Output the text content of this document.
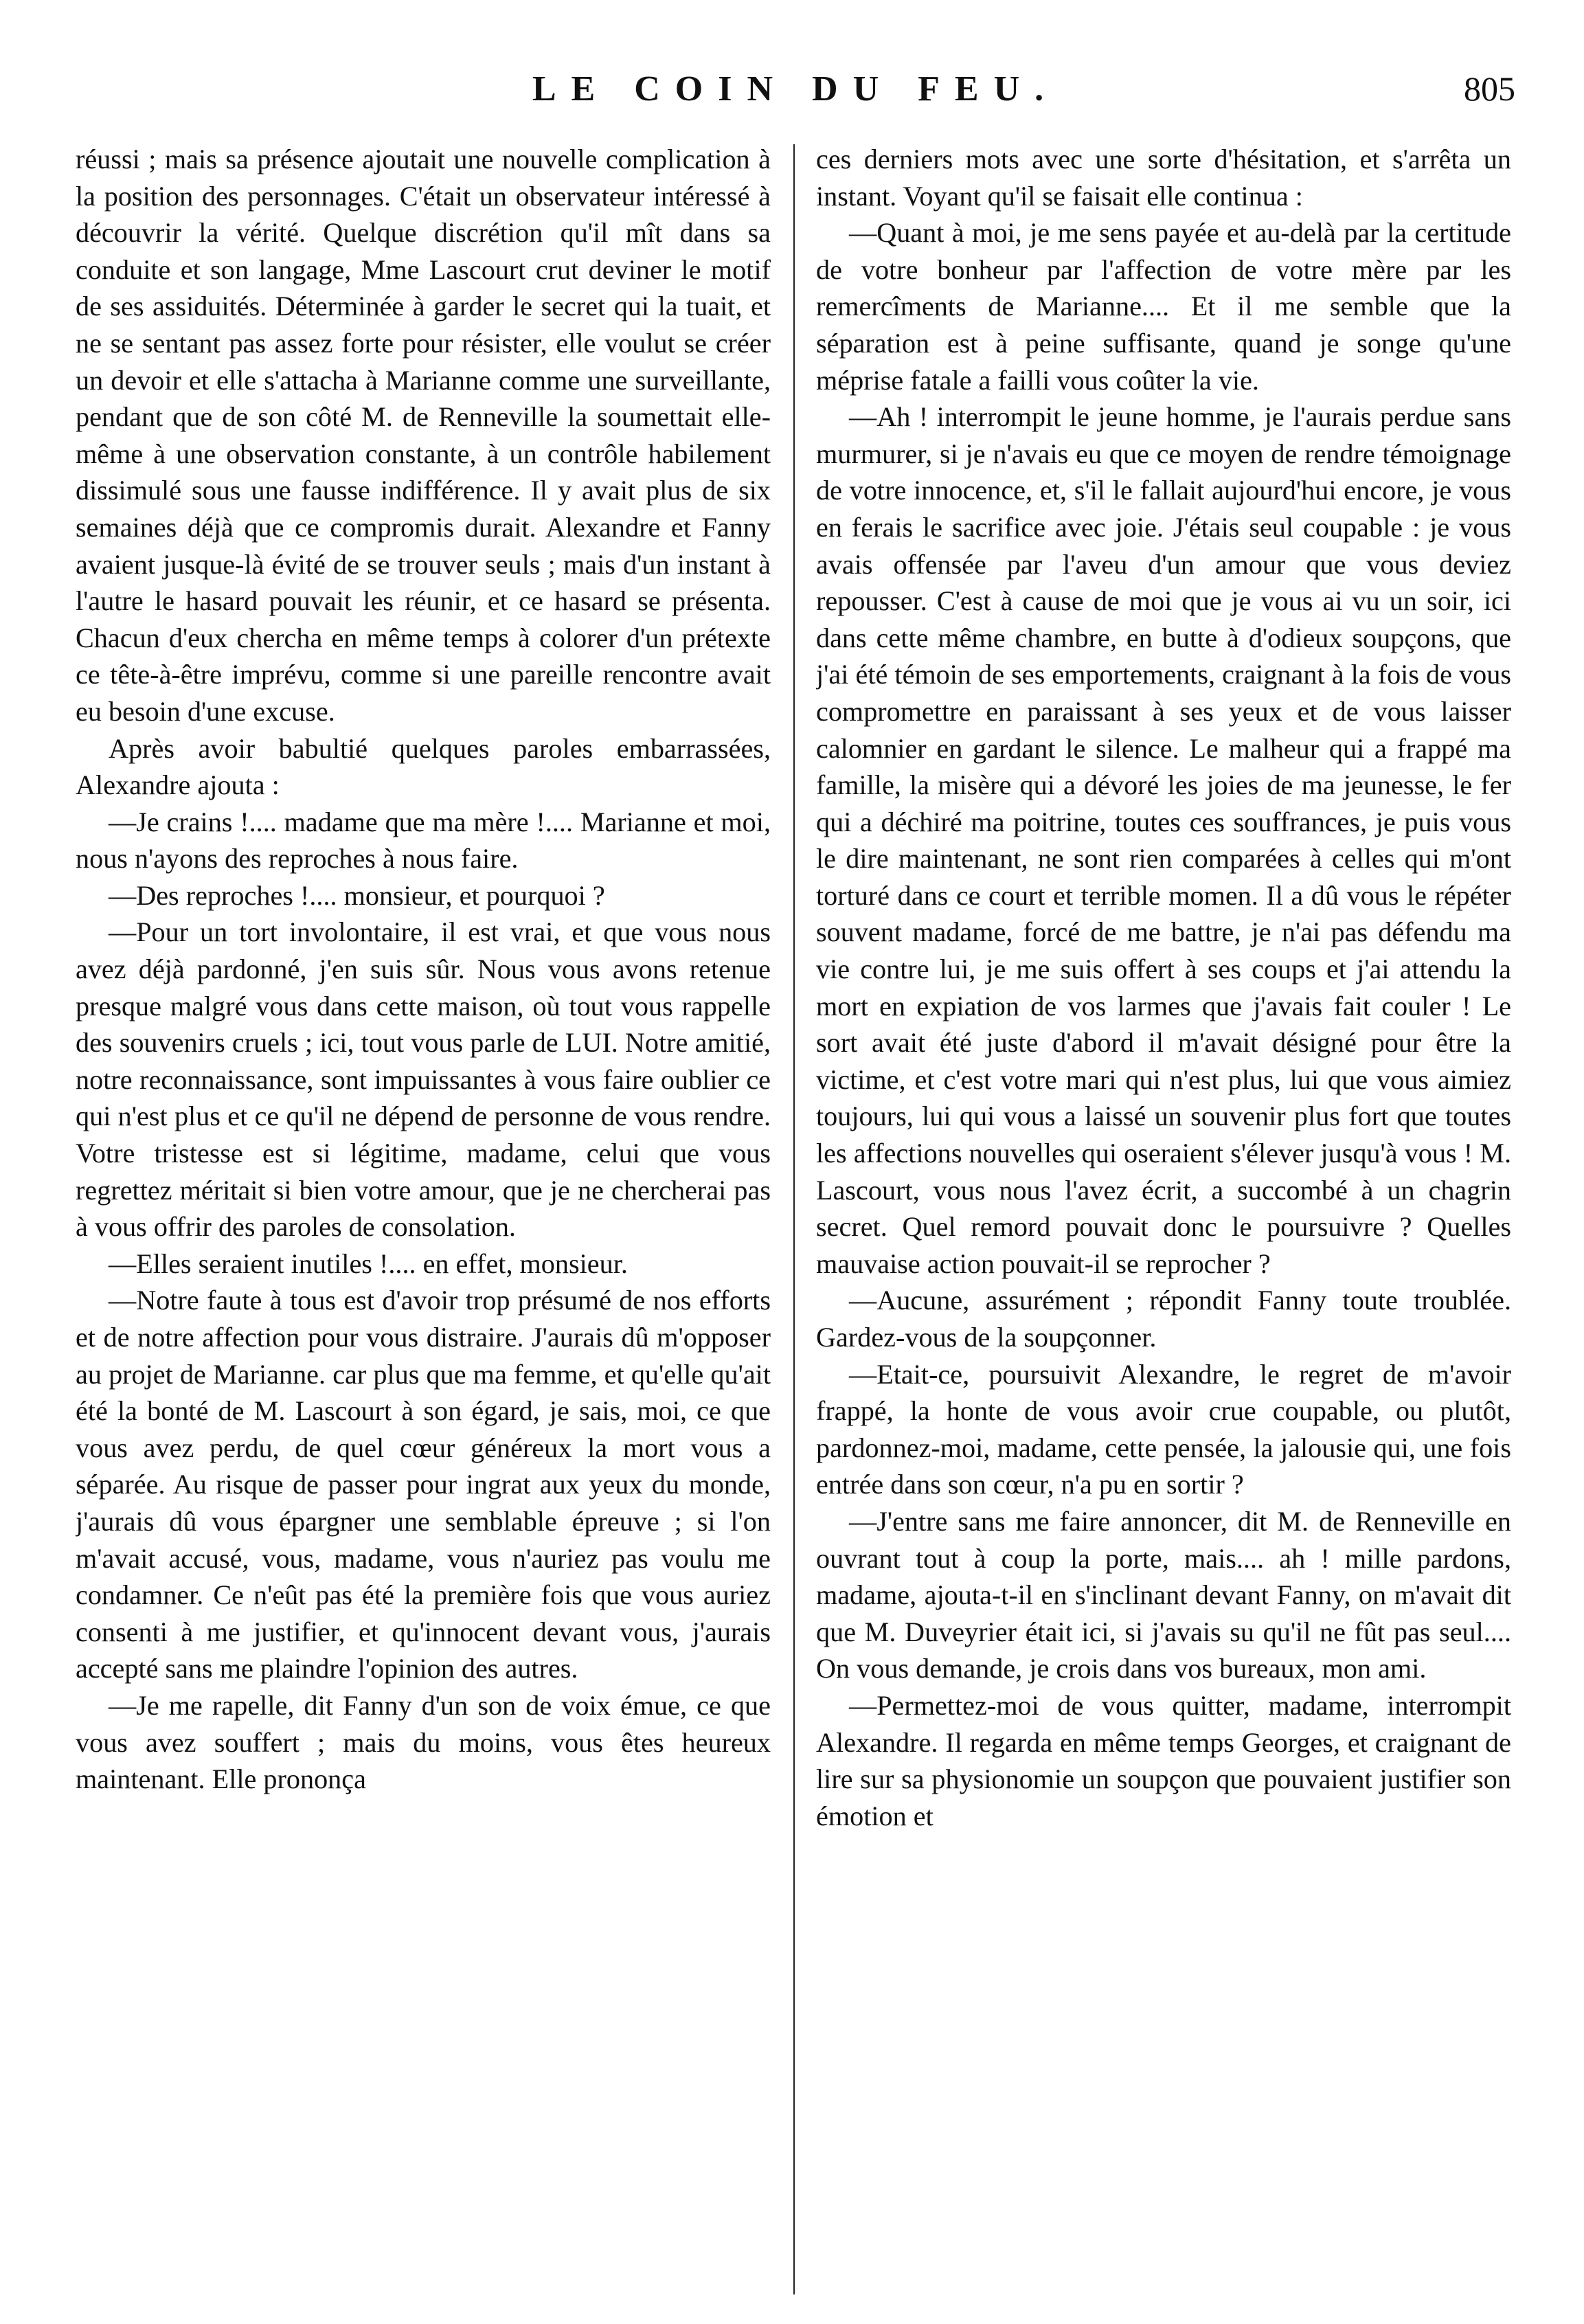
LE COIN DU FEU.	805

réussi ; mais sa présence ajoutait une nouvelle complication à la position des personnages. C'était un observateur intéressé à découvrir la vérité. Quelque discrétion qu'il mît dans sa conduite et son langage, Mme Lascourt crut deviner le motif de ses assiduités. Déterminée à garder le secret qui la tuait, et ne se sentant pas assez forte pour résister, elle voulut se créer un devoir et elle s'attacha à Marianne comme une surveillante, pendant que de son côté M. de Renneville la soumettait elle-même à une observation constante, à un contrôle habilement dissimulé sous une fausse indifférence. Il y avait plus de six semaines déjà que ce compromis durait. Alexandre et Fanny avaient jusque-là évité de se trouver seuls ; mais d'un instant à l'autre le hasard pouvait les réunir, et ce hasard se présenta. Chacun d'eux chercha en même temps à colorer d'un prétexte ce tête-à-être imprévu, comme si une pareille rencontre avait eu besoin d'une excuse.

Après avoir babultié quelques paroles embarrassées, Alexandre ajouta :

—Je crains !.... madame que ma mère !.... Marianne et moi, nous n'ayons des reproches à nous faire.

—Des reproches !.... monsieur, et pourquoi ?

—Pour un tort involontaire, il est vrai, et que vous nous avez déjà pardonné, j'en suis sûr. Nous vous avons retenue presque malgré vous dans cette maison, où tout vous rappelle des souvenirs cruels ; ici, tout vous parle de LUI. Notre amitié, notre reconnaissance, sont impuissantes à vous faire oublier ce qui n'est plus et ce qu'il ne dépend de personne de vous rendre. Votre tristesse est si légitime, madame, celui que vous regrettez méritait si bien votre amour, que je ne chercherai pas à vous offrir des paroles de consolation.

—Elles seraient inutiles !.... en effet, monsieur.

—Notre faute à tous est d'avoir trop présumé de nos efforts et de notre affection pour vous distraire. J'aurais dû m'opposer au projet de Marianne. car plus que ma femme, et qu'elle qu'ait été la bonté de M. Lascourt à son égard, je sais, moi, ce que vous avez perdu, de quel cœur généreux la mort vous a séparée. Au risque de passer pour ingrat aux yeux du monde, j'aurais dû vous épargner une semblable épreuve ; si l'on m'avait accusé, vous, madame, vous n'auriez pas voulu me condamner. Ce n'eût pas été la première fois que vous auriez consenti à me justifier, et qu'innocent devant vous, j'aurais accepté sans me plaindre l'opinion des autres.

—Je me rapelle, dit Fanny d'un son de voix émue, ce que vous avez souffert ; mais du moins, vous êtes heureux maintenant. Elle prononça

ces derniers mots avec une sorte d'hésitation, et s'arrêta un instant. Voyant qu'il se faisait elle continua :

—Quant à moi, je me sens payée et au-delà par la certitude de votre bonheur par l'affection de votre mère par les remercîments de Marianne.... Et il me semble que la séparation est à peine suffisante, quand je songe qu'une méprise fatale a failli vous coûter la vie.

—Ah ! interrompit le jeune homme, je l'aurais perdue sans murmurer, si je n'avais eu que ce moyen de rendre témoignage de votre innocence, et, s'il le fallait aujourd'hui encore, je vous en ferais le sacrifice avec joie. J'étais seul coupable : je vous avais offensée par l'aveu d'un amour que vous deviez repousser. C'est à cause de moi que je vous ai vu un soir, ici dans cette même chambre, en butte à d'odieux soupçons, que j'ai été témoin de ses emportements, craignant à la fois de vous compromettre en paraissant à ses yeux et de vous laisser calomnier en gardant le silence. Le malheur qui a frappé ma famille, la misère qui a dévoré les joies de ma jeunesse, le fer qui a déchiré ma poitrine, toutes ces souffrances, je puis vous le dire maintenant, ne sont rien comparées à celles qui m'ont torturé dans ce court et terrible momen. Il a dû vous le répéter souvent madame, forcé de me battre, je n'ai pas défendu ma vie contre lui, je me suis offert à ses coups et j'ai attendu la mort en expiation de vos larmes que j'avais fait couler ! Le sort avait été juste d'abord il m'avait désigné pour être la victime, et c'est votre mari qui n'est plus, lui que vous aimiez toujours, lui qui vous a laissé un souvenir plus fort que toutes les affections nouvelles qui oseraient s'élever jusqu'à vous ! M. Lascourt, vous nous l'avez écrit, a succombé à un chagrin secret. Quel remord pouvait donc le poursuivre ? Quelles mauvaise action pouvait-il se reprocher ?

—Aucune, assurément ; répondit Fanny toute troublée. Gardez-vous de la soupçonner.

—Etait-ce, poursuivit Alexandre, le regret de m'avoir frappé, la honte de vous avoir crue coupable, ou plutôt, pardonnez-moi, madame, cette pensée, la jalousie qui, une fois entrée dans son cœur, n'a pu en sortir ?

—J'entre sans me faire annoncer, dit M. de Renneville en ouvrant tout à coup la porte, mais.... ah ! mille pardons, madame, ajouta-t-il en s'inclinant devant Fanny, on m'avait dit que M. Duveyrier était ici, si j'avais su qu'il ne fût pas seul.... On vous demande, je crois dans vos bureaux, mon ami.

—Permettez-moi de vous quitter, madame, interrompit Alexandre. Il regarda en même temps Georges, et craignant de lire sur sa physionomie un soupçon que pouvaient justifier son émotion et
